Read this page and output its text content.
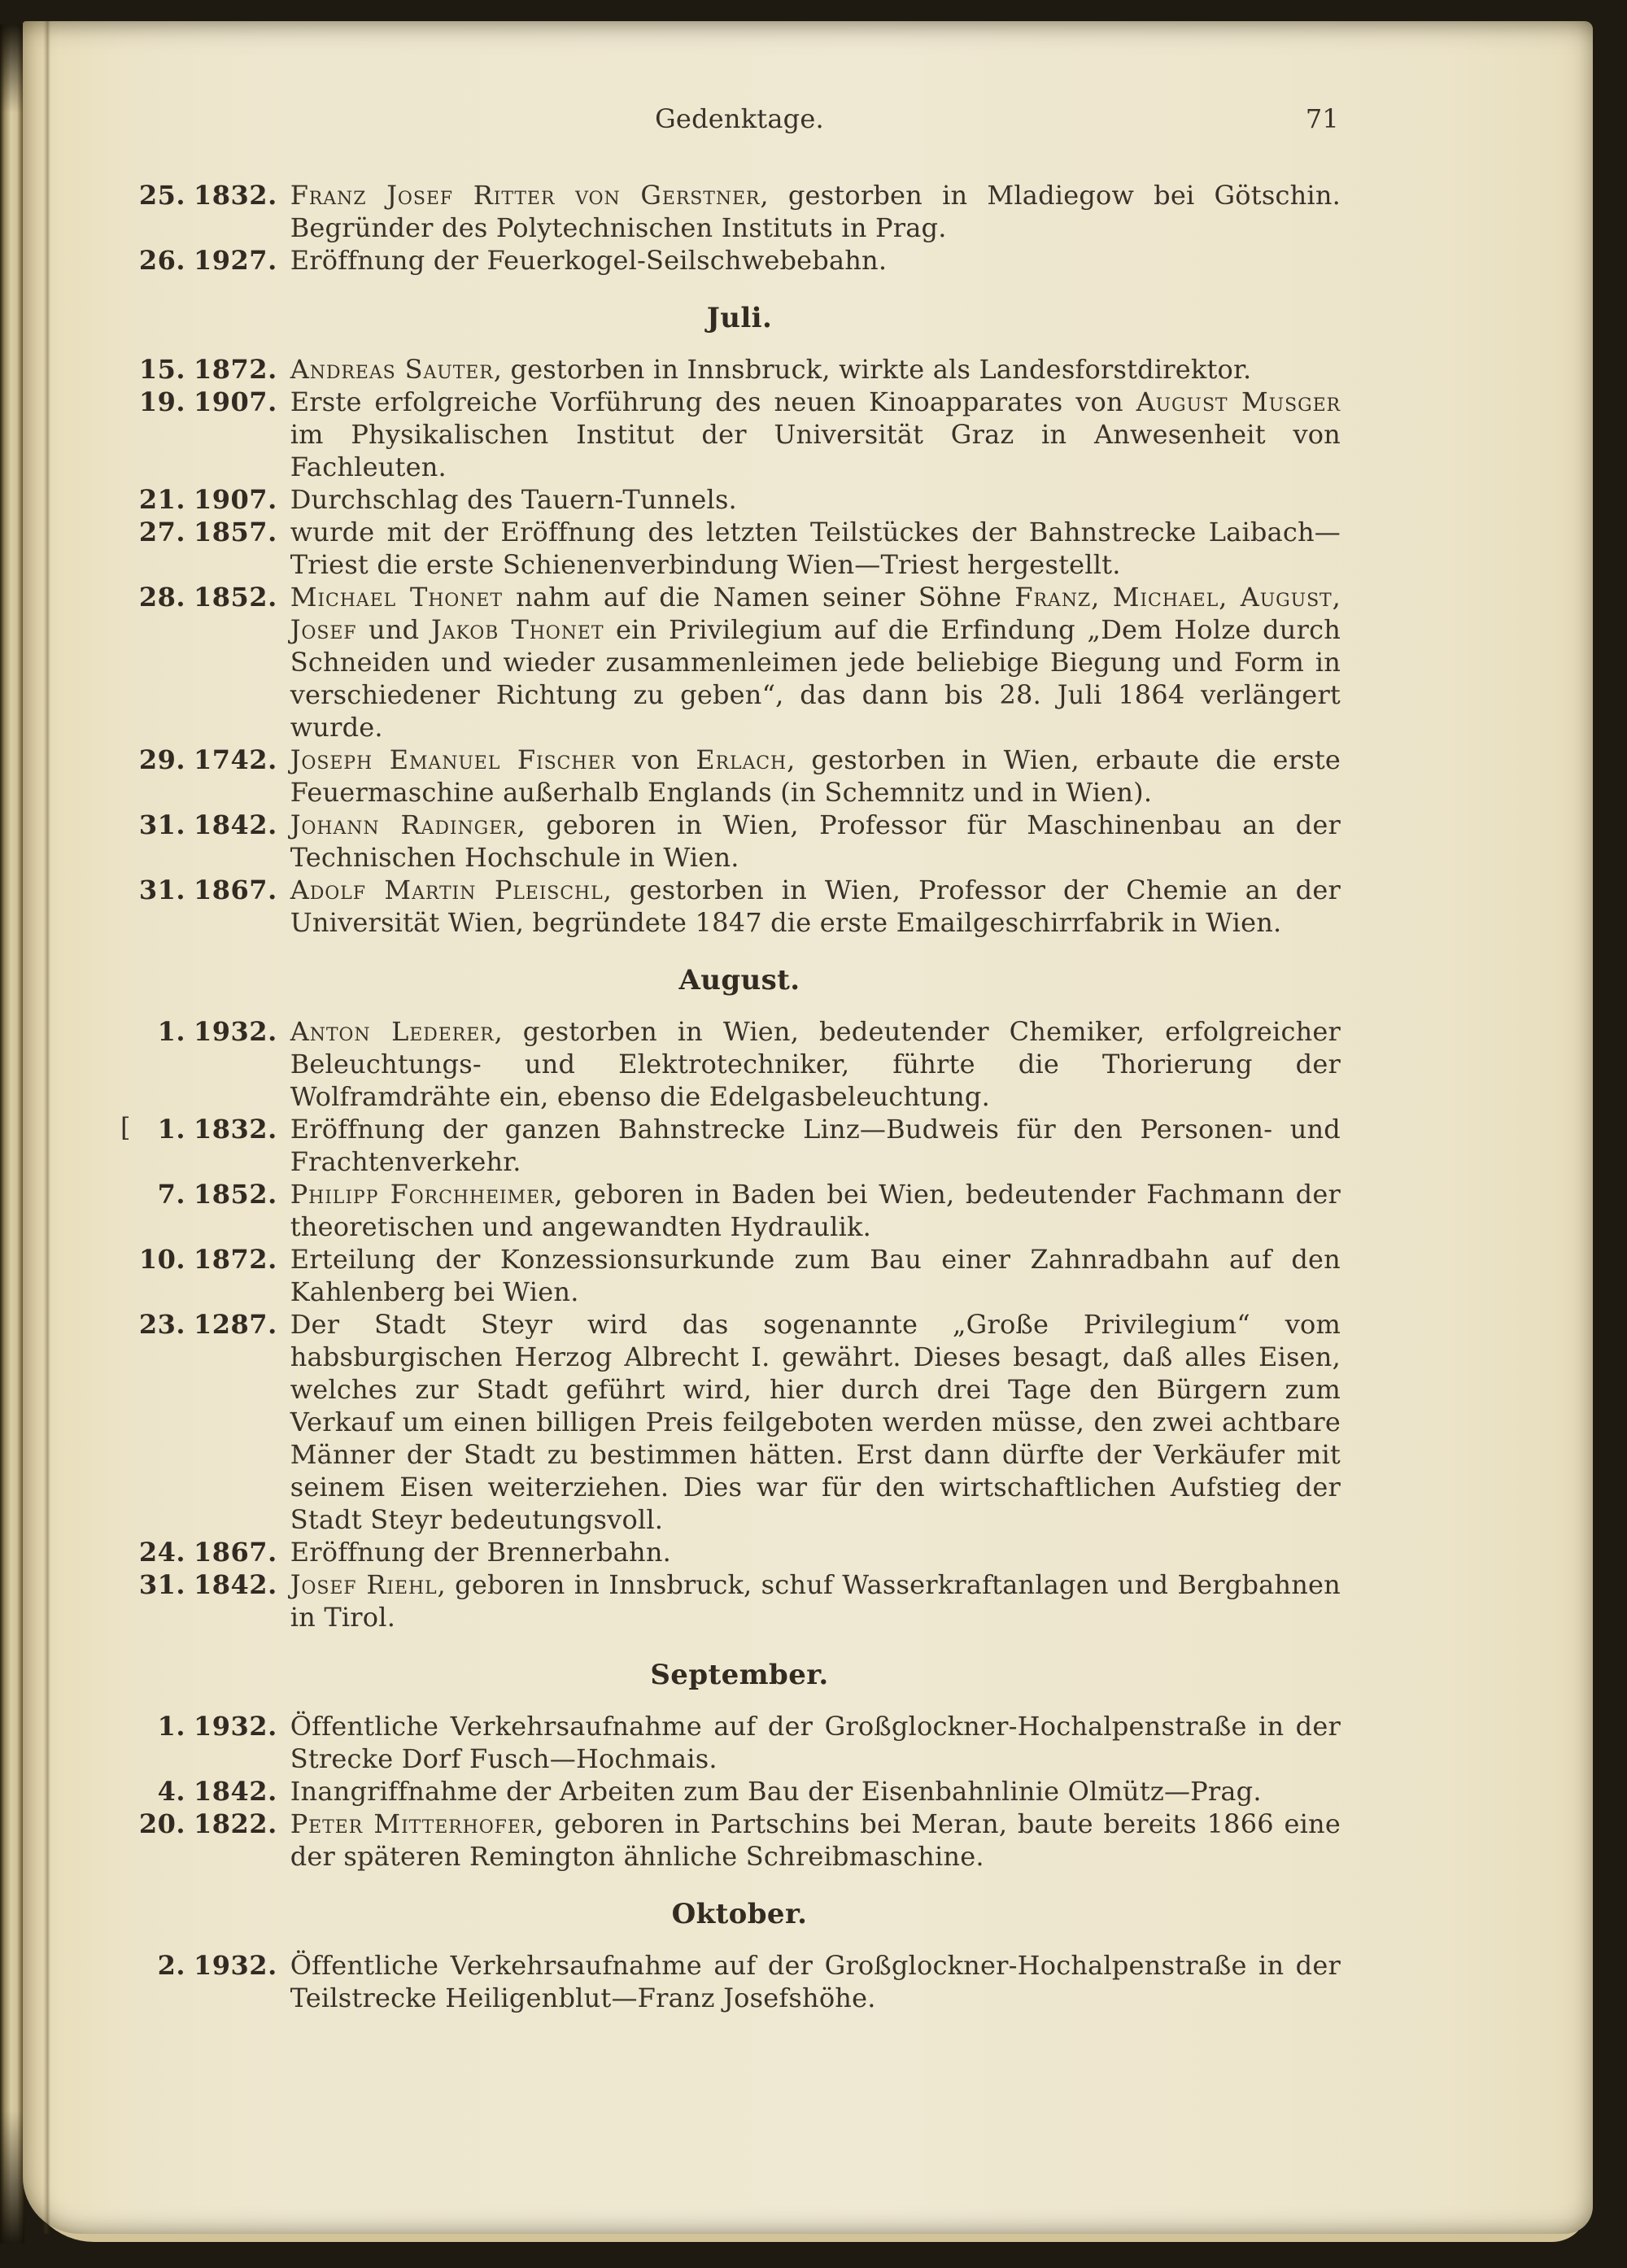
Gedenktage.	71
25. 1832. Franz Josef Ritter von Gerstner, gestorben in Mladiegow bei Götschin. Begründer des Polytechnischen Instituts in Prag.
26. 1927. Eröffnung der Feuerkogel-Seilschwebebahn.
Juli.
15. 1872. Andreas Sauter, gestorben in Innsbruck, wirkte als Landesforstdirektor.
19. 1907. Erste erfolgreiche Vorführung des neuen Kinoapparates von August Musger im Physikalischen Institut der Universität Graz in Anwesenheit von Fachleuten.
21. 1907. Durchschlag des Tauern-Tunnels.
27. 1857. wurde mit der Eröffnung des letzten Teilstückes der Bahnstrecke Laibach—Triest die erste Schienenverbindung Wien—Triest hergestellt.
28. 1852. Michael Thonet nahm auf die Namen seiner Söhne Franz, Michael, August, Josef und Jakob Thonet ein Privilegium auf die Erfindung „Dem Holze durch Schneiden und wieder zusammenleimen jede beliebige Biegung und Form in verschiedener Richtung zu geben“, das dann bis 28. Juli 1864 verlängert wurde.
29. 1742. Joseph Emanuel Fischer von Erlach, gestorben in Wien, erbaute die erste Feuermaschine außerhalb Englands (in Schemnitz und in Wien).
31. 1842. Johann Radinger, geboren in Wien, Professor für Maschinenbau an der Technischen Hochschule in Wien.
31. 1867. Adolf Martin Pleischl, gestorben in Wien, Professor der Chemie an der Universität Wien, begründete 1847 die erste Emailgeschirrfabrik in Wien.
August.
1. 1932. Anton Lederer, gestorben in Wien, bedeutender Chemiker, erfolgreicher Beleuchtungs- und Elektrotechniker, führte die Thorierung der Wolframdrähte ein, ebenso die Edelgasbeleuchtung.
[	1. 1832. Eröffnung der ganzen Bahnstrecke Linz—Budweis für den Personen- und Frachtenverkehr.
7. 1852. Philipp Forchheimer, geboren in Baden bei Wien, bedeutender Fachmann der theoretischen und angewandten Hydraulik.
10. 1872. Erteilung der Konzessionsurkunde zum Bau einer Zahnradbahn auf den Kahlenberg bei Wien.
23. 1287. Der Stadt Steyr wird das sogenannte „Große Privilegium“ vom habsburgischen Herzog Albrecht I. gewährt. Dieses besagt, daß alles Eisen, welches zur Stadt geführt wird, hier durch drei Tage den Bürgern zum Verkauf um einen billigen Preis feilgeboten werden müsse, den zwei achtbare Männer der Stadt zu bestimmen hätten. Erst dann dürfte der Verkäufer mit seinem Eisen weiterziehen. Dies war für den wirtschaftlichen Aufstieg der Stadt Steyr bedeutungsvoll.
24. 1867. Eröffnung der Brennerbahn.
31. 1842. Josef Riehl, geboren in Innsbruck, schuf Wasserkraftanlagen und Bergbahnen in Tirol.
September.
1. 1932. Öffentliche Verkehrsaufnahme auf der Großglockner-Hochalpenstraße in der Strecke Dorf Fusch—Hochmais.
4. 1842. Inangriffnahme der Arbeiten zum Bau der Eisenbahnlinie Olmütz—Prag.
20. 1822. Peter Mitterhofer, geboren in Partschins bei Meran, baute bereits 1866 eine der späteren Remington ähnliche Schreibmaschine.
Oktober.
2. 1932. Öffentliche Verkehrsaufnahme auf der Großglockner-Hochalpenstraße in der Teilstrecke Heiligenblut—Franz Josefshöhe.
